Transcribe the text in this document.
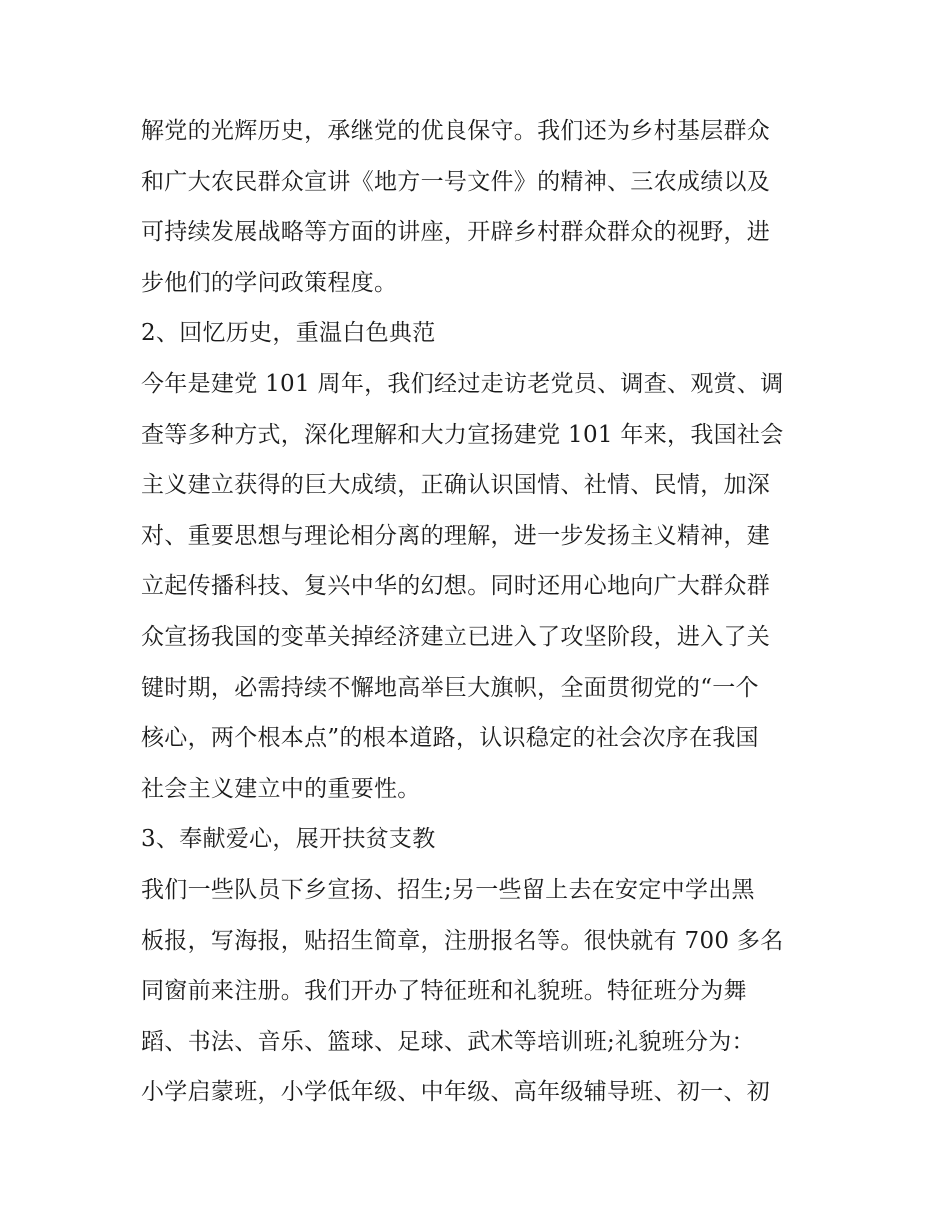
解党的光辉历史，承继党的优良保守。我们还为乡村基层群众
和广大农民群众宣讲《地方一号文件》的精神、三农成绩以及
可持续发展战略等方面的讲座，开辟乡村群众群众的视野，进
步他们的学问政策程度。
2、回忆历史，重温白色典范
今年是建党 101 周年，我们经过走访老党员、调查、观赏、调
查等多种方式，深化理解和大力宣扬建党 101 年来，我国社会
主义建立获得的巨大成绩，正确认识国情、社情、民情，加深
对、重要思想与理论相分离的理解，进一步发扬主义精神，建
立起传播科技、复兴中华的幻想。同时还用心地向广大群众群
众宣扬我国的变革关掉经济建立已进入了攻坚阶段，进入了关
键时期，必需持续不懈地高举巨大旗帜，全面贯彻党的“一个
核心，两个根本点”的根本道路，认识稳定的社会次序在我国
社会主义建立中的重要性。
3、奉献爱心，展开扶贫支教
我们一些队员下乡宣扬、招生;另一些留上去在安定中学出黑
板报，写海报，贴招生简章，注册报名等。很快就有 700 多名
同窗前来注册。我们开办了特征班和礼貌班。特征班分为舞
蹈、书法、音乐、篮球、足球、武术等培训班;礼貌班分为：
小学启蒙班，小学低年级、中年级、高年级辅导班、初一、初
